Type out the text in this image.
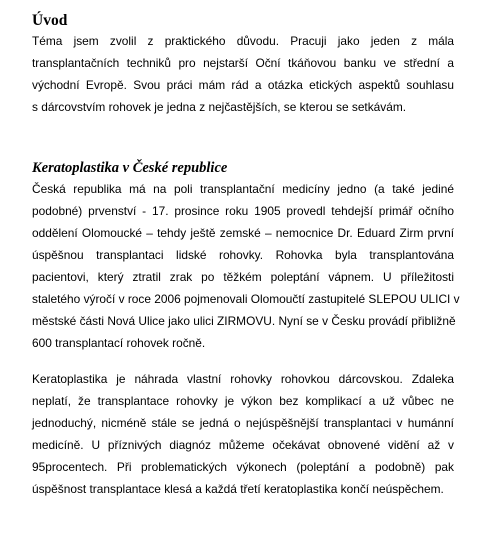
Úvod
Téma jsem zvolil z praktického důvodu. Pracuji jako jeden z mála
transplantačních techniků pro nejstarší Oční tkáňovou banku ve střední a
východní Evropě. Svou práci mám rád a otázka etických aspektů souhlasu
s dárcovstvím rohovek je jedna z nejčastějších, se kterou se setkávám.
Keratoplastika v České republice
Česká republika má na poli transplantační medicíny jedno (a také jediné
podobné) prvenství - 17. prosince roku 1905 provedl tehdejší primář očního
oddělení Olomoucké – tehdy ještě zemské – nemocnice Dr. Eduard Zirm první
úspěšnou transplantaci lidské rohovky. Rohovka byla transplantována
pacientovi, který ztratil zrak po těžkém poleptání vápnem. U příležitosti
staletého výročí v roce 2006 pojmenovali Olomoučtí zastupitelé SLEPOU ULICI v
městské části Nová Ulice jako ulici ZIRMOVU. Nyní se v Česku provádí přibližně
600 transplantací rohovek ročně.
Keratoplastika je náhrada vlastní rohovky rohovkou dárcovskou. Zdaleka
neplatí, že transplantace rohovky je výkon bez komplikací a už vůbec ne
jednoduchý, nicméně stále se jedná o nejúspěšnější transplantaci v humánní
medicíně. U příznivých diagnóz můžeme očekávat obnovené vidění až v
95procentech. Při problematických výkonech (poleptání a podobně) pak
úspěšnost transplantace klesá a každá třetí keratoplastika končí neúspěchem.
